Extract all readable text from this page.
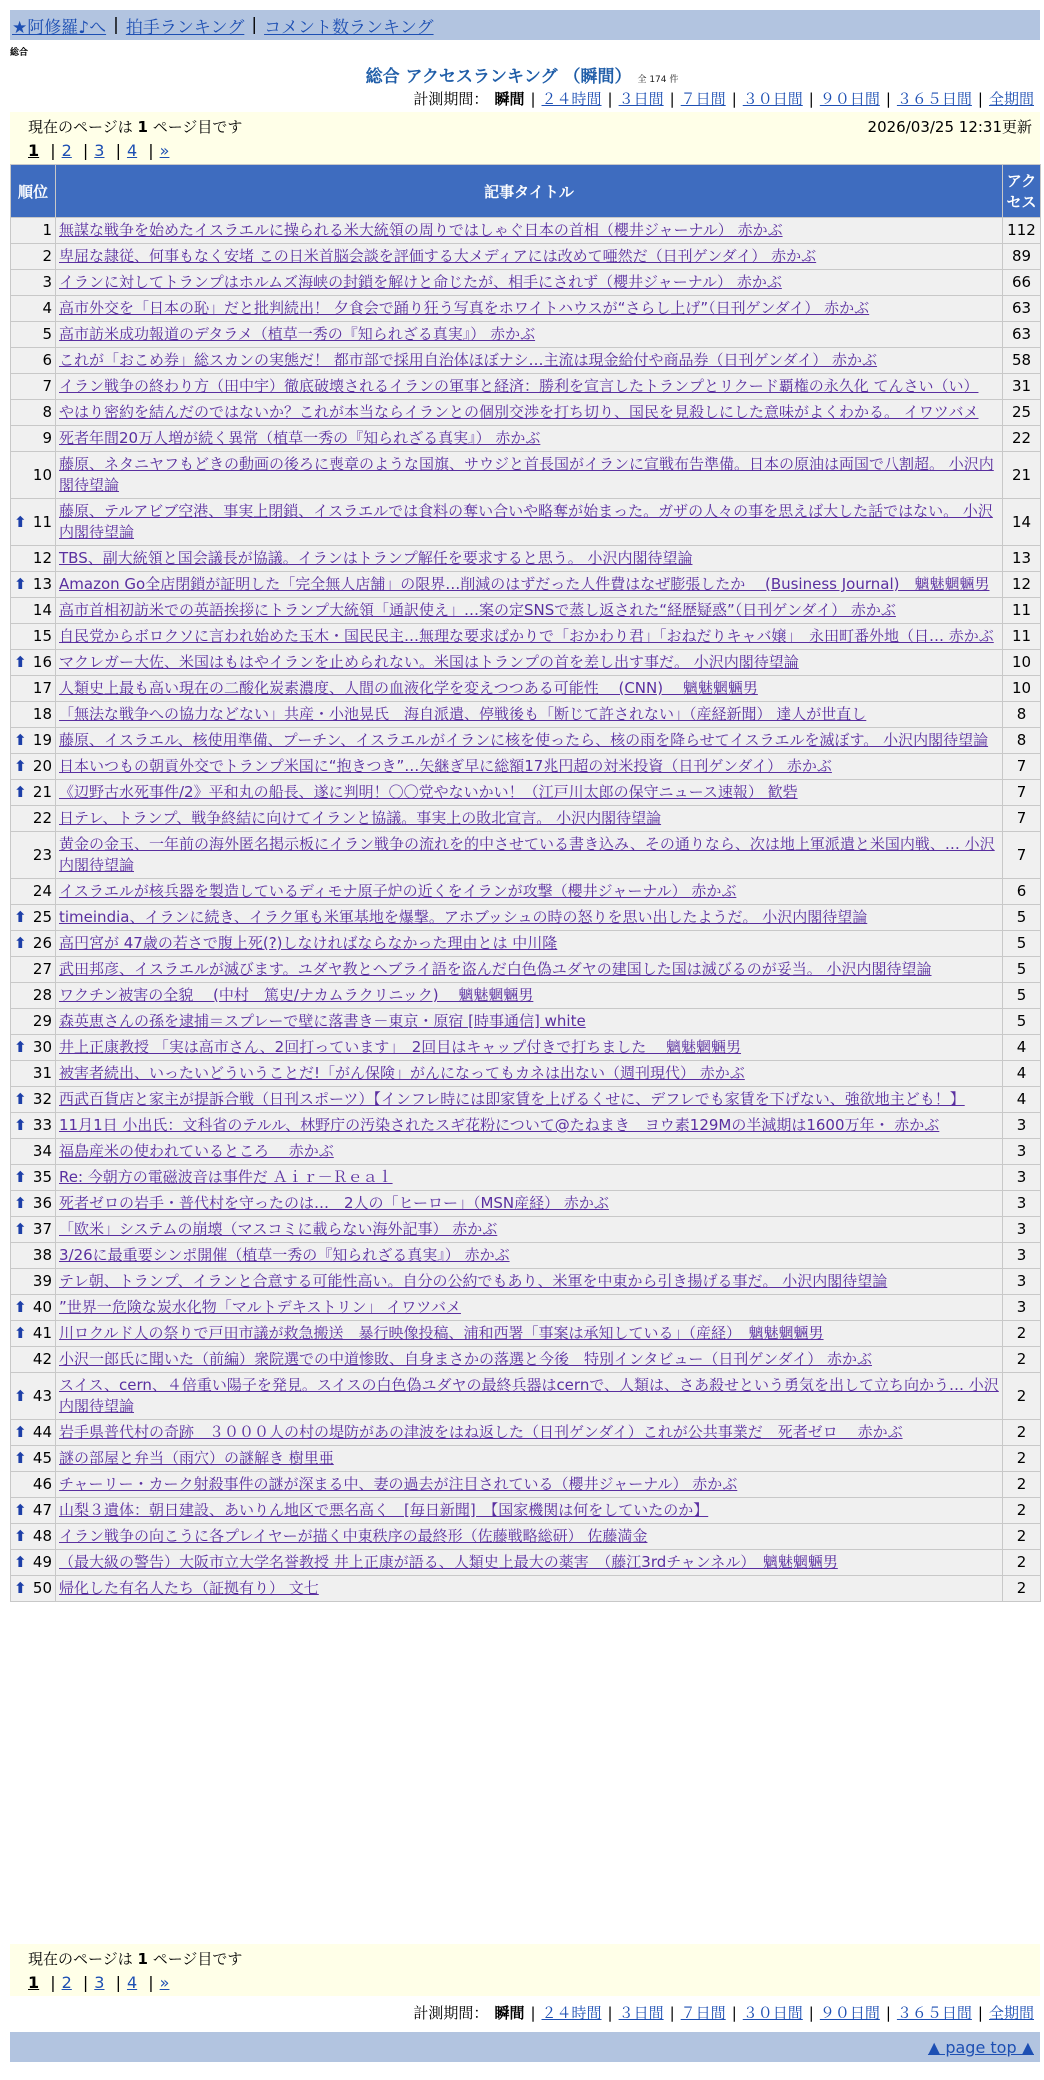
★阿修羅♪へ | 拍手ランキング | コメント数ランキング
総合
総合 アクセスランキング （瞬間） 全 174 件
計測期間： 瞬間 | ２４時間 | ３日間 | ７日間 | ３０日間 | ９０日間 | ３６５日間 | 全期間
現在のページは 1 ページ目です	2026/03/25 12:31更新
1 | 2 | 3 | 4 | »
順位	記事タイトル	アクセス
1	無謀な戦争を始めたイスラエルに操られる米大統領の周りではしゃぐ日本の首相（櫻井ジャーナル） 赤かぶ	112
2	卑屈な隷従、何事もなく安堵 この日米首脳会談を評価する大メディアには改めて唖然だ（日刊ゲンダイ） 赤かぶ	89
3	イランに対してトランプはホルムズ海峡の封鎖を解けと命じたが、相手にされず（櫻井ジャーナル） 赤かぶ	66
4	高市外交を「日本の恥」だと批判続出！ 夕食会で踊り狂う写真をホワイトハウスが“さらし上げ”（日刊ゲンダイ） 赤かぶ	63
5	高市訪米成功報道のデタラメ（植草一秀の『知られざる真実』） 赤かぶ	63
6	これが「おこめ券」総スカンの実態だ！ 都市部で採用自治体ほぼナシ…主流は現金給付や商品券（日刊ゲンダイ） 赤かぶ	58
7	イラン戦争の終わり方（田中宇）徹底破壊されるイランの軍事と経済：勝利を宣言したトランプとリクード覇権の永久化 てんさい（い）	31
8	やはり密約を結んだのではないか？これが本当ならイランとの個別交渉を打ち切り、国民を見殺しにした意味がよくわかる。 イワツバメ	25
9	死者年間20万人増が続く異常（植草一秀の『知られざる真実』） 赤かぶ	22
10	藤原、ネタニヤフもどきの動画の後ろに喪章のような国旗、サウジと首長国がイランに宣戦布告準備。日本の原油は両国で八割超。 小沢内閣待望論	21

⬆ 11	藤原、テルアビブ空港、事実上閉鎖、イスラエルでは食料の奪い合いや略奪が始まった。ガザの人々の事を思えば大した話ではない。 小沢内閣待望論	14
12	TBS、副大統領と国会議長が協議。イランはトランプ解任を要求すると思う。 小沢内閣待望論	13

⬆ 13	Amazon Go全店閉鎖が証明した「完全無人店舗」の限界…削減のはずだった人件費はなぜ膨張したか　 (Business Journal)　魑魅魍魎男	12
14	高市首相初訪米での英語挨拶にトランプ大統領「通訳使え」…案の定SNSで蒸し返された“経歴疑惑”（日刊ゲンダイ） 赤かぶ	11
15	自民党からボロクソに言われ始めた玉木・国民民主…無理な要求ばかりで「おかわり君」「おねだりキャバ嬢」　永田町番外地（日… 赤かぶ	11

⬆ 16	マクレガー大佐、米国はもはやイランを止められない。米国はトランプの首を差し出す事だ。 小沢内閣待望論	10
17	人類史上最も高い現在の二酸化炭素濃度、人間の血液化学を変えつつある可能性　 (CNN)　 魑魅魍魎男	10
18	「無法な戦争への協力などない」共産・小池晃氏　海自派遣、停戦後も「断じて許されない」（産経新聞） 達人が世直し	8

⬆ 19	藤原、イスラエル、核使用準備、プーチン、イスラエルがイランに核を使ったら、核の雨を降らせてイスラエルを滅ぼす。 小沢内閣待望論	8

⬆ 20	日本いつもの朝貢外交でトランプ米国に“抱きつき”…矢継ぎ早に総額17兆円超の対米投資（日刊ゲンダイ） 赤かぶ	7

⬆ 21	《辺野古水死事件/2》平和丸の船長、遂に判明！〇〇党やないかい！（江戸川太郎の保守ニュース速報） 歓砦	7
22	日テレ、トランプ、戦争終結に向けてイランと協議。事実上の敗北宣言。 小沢内閣待望論	7
23	黄金の金玉、一年前の海外匿名掲示板にイラン戦争の流れを的中させている書き込み、その通りなら、次は地上軍派遣と米国内戦、… 小沢内閣待望論	7
24	イスラエルが核兵器を製造しているディモナ原子炉の近くをイランが攻撃（櫻井ジャーナル） 赤かぶ	6

⬆ 25	timeindia、イランに続き、イラク軍も米軍基地を爆撃。アホブッシュの時の怒りを思い出したようだ。 小沢内閣待望論	5

⬆ 26	高円宮が 47歳の若さで腹上死(?)しなければならなかった理由とは 中川隆	5
27	武田邦彦、イスラエルが滅びます。ユダヤ教とヘブライ語を盗んだ白色偽ユダヤの建国した国は滅びるのが妥当。 小沢内閣待望論	5
28	ワクチン被害の全貌　 (中村　篤史/ナカムラクリニック)　 魑魅魍魎男	5
29	森英恵さんの孫を逮捕＝スプレーで壁に落書き－東京・原宿 [時事通信] white	5

⬆ 30	井上正康教授 「実は高市さん、2回打っています」　2回目はキャップ付きで打ちました　 魑魅魍魎男	4
31	被害者続出、いったいどういうことだ!「がん保険」がんになってもカネは出ない（週刊現代） 赤かぶ	4

⬆ 32	西武百貨店と家主が提訴合戦（日刊スポーツ）【インフレ時には即家賃を上げるくせに、デフレでも家賃を下げない、強欲地主ども！】	4

⬆ 33	11月1日 小出氏：文科省のテルル、林野庁の汚染されたスギ花粉について@たねまき　ヨウ素129Mの半減期は1600万年・ 赤かぶ	3
34	福島産米の使われているところ　 赤かぶ	3

⬆ 35	Re: 今朝方の電磁波音は事件だ Ａｉｒ－Ｒｅａｌ	3

⬆ 36	死者ゼロの岩手・普代村を守ったのは…　2人の「ヒーロー」（MSN産経） 赤かぶ	3

⬆ 37	「欧米」システムの崩壊（マスコミに載らない海外記事） 赤かぶ	3
38	3/26に最重要シンポ開催（植草一秀の『知られざる真実』） 赤かぶ	3
39	テレ朝、トランプ、イランと合意する可能性高い。自分の公約でもあり、米軍を中東から引き揚げる事だ。 小沢内閣待望論	3

⬆ 40	”世界一危険な炭水化物「マルトデキストリン」 イワツバメ	3

⬆ 41	川ロクルド人の祭りで戸田市議が救急搬送　暴行映像投稿、浦和西署「事案は承知している」（産経）　魑魅魍魎男	2
42	小沢一郎氏に聞いた（前編）衆院選での中道惨敗、自身まさかの落選と今後　特別インタビュー（日刊ゲンダイ） 赤かぶ	2

⬆ 43	スイス、cern、４倍重い陽子を発見。スイスの白色偽ユダヤの最終兵器はcernで、人類は、さあ殺せという勇気を出して立ち向かう… 小沢内閣待望論	2

⬆ 44	岩手県普代村の奇跡　３０００人の村の堤防があの津波をはね返した（日刊ゲンダイ）これが公共事業だ　死者ゼロ　 赤かぶ	2

⬆ 45	謎の部屋と弁当（雨穴）の謎解き 樹里亜	2
46	チャーリー・カーク射殺事件の謎が深まる中、妻の過去が注目されている（櫻井ジャーナル） 赤かぶ	2

⬆ 47	山梨３遺体：朝日建設、あいりん地区で悪名高く　[毎日新聞]　【国家機関は何をしていたのか】	2

⬆ 48	イラン戦争の向こうに各プレイヤーが描く中東秩序の最終形（佐藤戦略総研） 佐藤満金	2

⬆ 49	（最大級の警告）大阪市立大学名誉教授 井上正康が語る、人類史上最大の薬害　（藤江3rdチャンネル）　魑魅魍魎男	2

⬆ 50	帰化した有名人たち（証拠有り） 文七	2
現在のページは 1 ページ目です
1 | 2 | 3 | 4 | »
計測期間： 瞬間 | ２４時間 | ３日間 | ７日間 | ３０日間 | ９０日間 | ３６５日間 | 全期間
▲ page top ▲
